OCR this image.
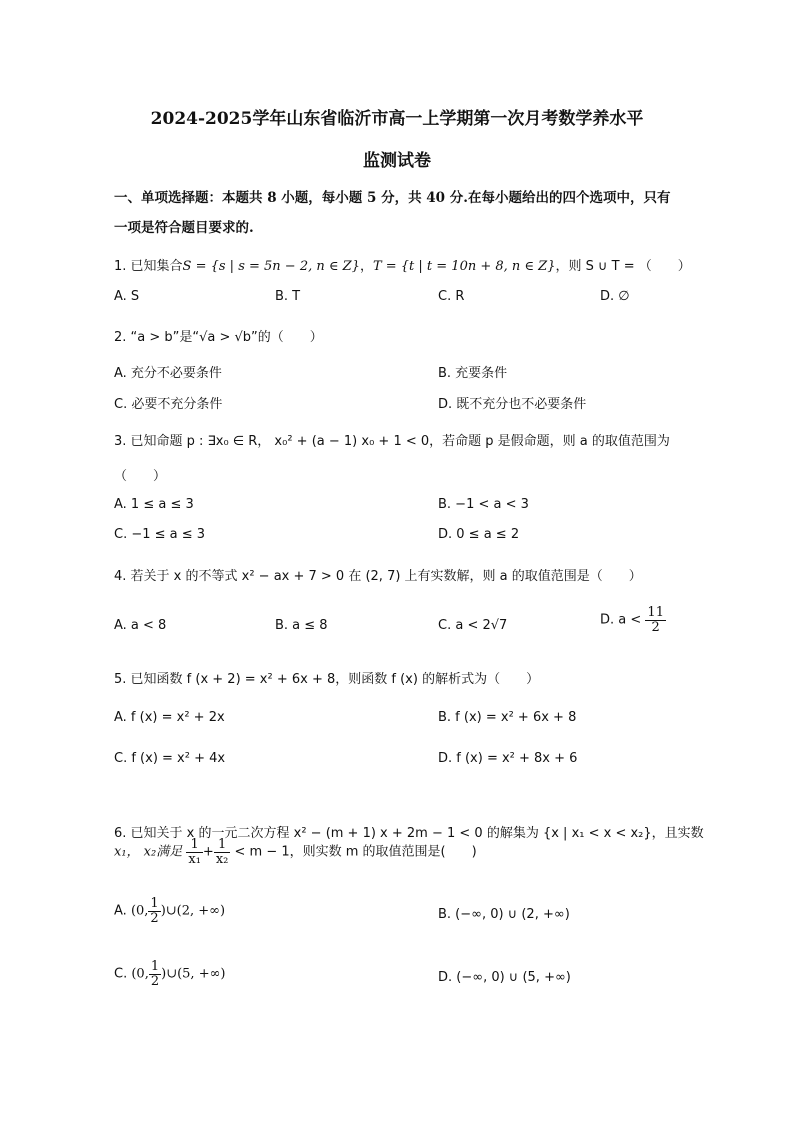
2024-2025学年山东省临沂市高一上学期第一次月考数学养水平
监测试卷
一、单项选择题：本题共 8 小题，每小题 5 分，共 40 分.在每小题给出的四个选项中，只有
一项是符合题目要求的.
1. 已知集合S = {s | s = 5n − 2, n ∈ Z}，T = {t | t = 10n + 8, n ∈ Z}，则 S ∪ T = （　　）
A. S	B. T	C. R	D. ∅
2. “a > b”是“√a > √b”的（　　）
A. 充分不必要条件	B. 充要条件
C. 必要不充分条件	D. 既不充分也不必要条件
3. 已知命题 p : ∃x₀ ∈ R， x₀² + (a − 1) x₀ + 1 < 0，若命题 p 是假命题，则 a 的取值范围为
（　　）
A. 1 ≤ a ≤ 3	B. −1 < a < 3
C. −1 ≤ a ≤ 3	D. 0 ≤ a ≤ 2
4. 若关于 x 的不等式 x² − ax + 7 > 0 在 (2, 7) 上有实数解，则 a 的取值范围是（　　）
A. a < 8	B. a ≤ 8	C. a < 2√7	D. $a < \frac{11}{2}$
5. 已知函数 f (x + 2) = x² + 6x + 8，则函数 f (x) 的解析式为（　　）
A. f (x) = x² + 2x	B. f (x) = x² + 6x + 8
C. f (x) = x² + 4x	D. f (x) = x² + 8x + 6
6. 已知关于 x 的一元二次方程 x² − (m + 1) x + 2m − 1 < 0 的解集为 {x | x₁ < x < x₂}，且实数
x₁， x₂满足 $\frac{1}{\text{x₁}} + \frac{1}{\text{x₂}} < m - 1$，则实数 m 的取值范围是(　　)
A. (0, $\frac{1}{2}$ )∪(2, +∞)	B. (−∞, 0) ∪ (2, +∞)
C. (0, $\frac{1}{2}$ )∪(5, +∞)	D. (−∞, 0) ∪ (5, +∞)
